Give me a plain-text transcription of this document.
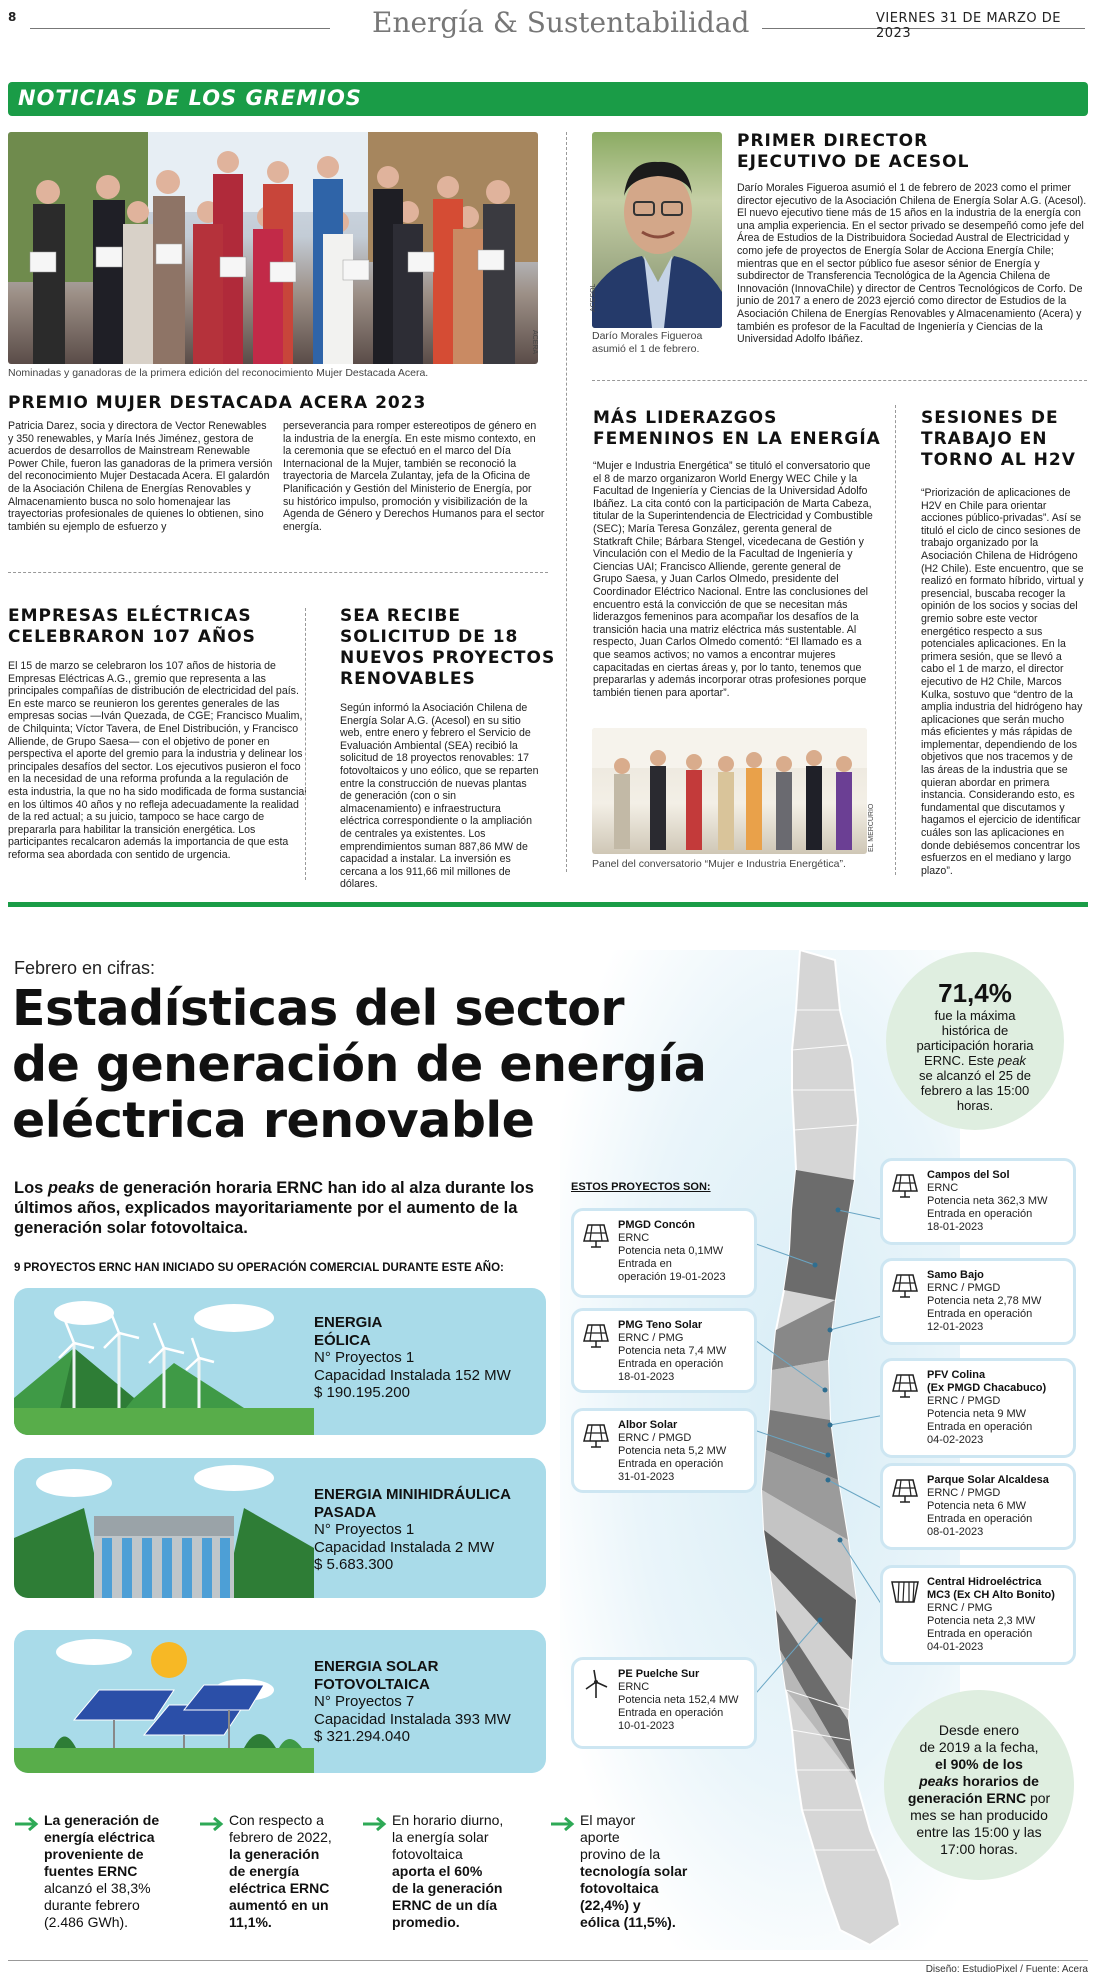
8	Energía & Sustentabilidad	VIERNES 31 DE MARZO DE 2023
NOTICIAS DE LOS GREMIOS
ACERA
Nominadas y ganadoras de la primera edición del reconocimiento Mujer Destacada Acera.
PREMIO MUJER DESTACADA ACERA 2023
Patricia Darez, socia y directora de Vector Renewables y 350 renewables, y María Inés Jiménez, gestora de acuerdos de desarrollos de Mainstream Renewable Power Chile, fueron las ganadoras de la primera versión del reconocimiento Mujer Destacada Acera. El galardón de la Asociación Chilena de Energías Renovables y Almacenamiento busca no solo homenajear las trayectorias profesionales de quienes lo obtienen, sino también su ejemplo de esfuerzo y
perseverancia para romper estereotipos de género en la industria de la energía. En este mismo contexto, en la ceremonia que se efectuó en el marco del Día Internacional de la Mujer, también se reconoció la trayectoria de Marcela Zulantay, jefa de la Oficina de Planificación y Gestión del Ministerio de Energía, por su histórico impulso, promoción y visibilización de la Agenda de Género y Derechos Humanos para el sector energía.
ACESOL
Darío Morales Figueroa asumió el 1 de febrero.
PRIMER DIRECTOR
EJECUTIVO DE ACESOL
Darío Morales Figueroa asumió el 1 de febrero de 2023 como el primer director ejecutivo de la Asociación Chilena de Energía Solar A.G. (Acesol). El nuevo ejecutivo tiene más de 15 años en la industria de la energía con una amplia experiencia. En el sector privado se desempeñó como jefe del Área de Estudios de la Distribuidora Sociedad Austral de Electricidad y como jefe de proyectos de Energía Solar de Acciona Energía Chile; mientras que en el sector público fue asesor sénior de Energía y subdirector de Transferencia Tecnológica de la Agencia Chilena de Innovación (InnovaChile) y director de Centros Tecnológicos de Corfo. De junio de 2017 a enero de 2023 ejerció como director de Estudios de la Asociación Chilena de Energías Renovables y Almacenamiento (Acera) y también es profesor de la Facultad de Ingeniería y Ciencias de la Universidad Adolfo Ibáñez.
MÁS LIDERAZGOS
FEMENINOS EN LA ENERGÍA
“Mujer e Industria Energética” se tituló el conversatorio que el 8 de marzo organizaron World Energy WEC Chile y la Facultad de Ingeniería y Ciencias de la Universidad Adolfo Ibáñez. La cita contó con la participación de Marta Cabeza, titular de la Superintendencia de Electricidad y Combustible (SEC); María Teresa González, gerenta general de Statkraft Chile; Bárbara Stengel, vicedecana de Gestión y Vinculación con el Medio de la Facultad de Ingeniería y Ciencias UAI; Francisco Alliende, gerente general de Grupo Saesa, y Juan Carlos Olmedo, presidente del Coordinador Eléctrico Nacional. Entre las conclusiones del encuentro está la convicción de que se necesitan más liderazgos femeninos para acompañar los desafíos de la transición hacia una matriz eléctrica más sustentable. Al respecto, Juan Carlos Olmedo comentó: “El llamado es a que seamos activos; no vamos a encontrar mujeres capacitadas en ciertas áreas y, por lo tanto, tenemos que prepararlas y además incorporar otras profesiones porque también tienen para aportar”.
EL MERCURIO
Panel del conversatorio “Mujer e Industria Energética”.
SESIONES DE
TRABAJO EN
TORNO AL H2V
“Priorización de aplicaciones de H2V en Chile para orientar acciones público-privadas”. Así se tituló el ciclo de cinco sesiones de trabajo organizado por la Asociación Chilena de Hidrógeno (H2 Chile). Este encuentro, que se realizó en formato híbrido, virtual y presencial, buscaba recoger la opinión de los socios y socias del gremio sobre este vector energético respecto a sus potenciales aplicaciones. En la primera sesión, que se llevó a cabo el 1 de marzo, el director ejecutivo de H2 Chile, Marcos Kulka, sostuvo que “dentro de la amplia industria del hidrógeno hay aplicaciones que serán mucho más eficientes y más rápidas de implementar, dependiendo de los objetivos que nos tracemos y de las áreas de la industria que se quieran abordar en primera instancia. Considerando esto, es fundamental que discutamos y hagamos el ejercicio de identificar cuáles son las aplicaciones en donde debiésemos concentrar los esfuerzos en el mediano y largo plazo”.
EMPRESAS ELÉCTRICAS
CELEBRARON 107 AÑOS
El 15 de marzo se celebraron los 107 años de historia de Empresas Eléctricas A.G., gremio que representa a las principales compañías de distribución de electricidad del país. En este marco se reunieron los gerentes generales de las empresas socias —Iván Quezada, de CGE; Francisco Mualim, de Chilquinta; Víctor Tavera, de Enel Distribución, y Francisco Alliende, de Grupo Saesa— con el objetivo de poner en perspectiva el aporte del gremio para la industria y delinear los principales desafíos del sector. Los ejecutivos pusieron el foco en la necesidad de una reforma profunda a la regulación de esta industria, la que no ha sido modificada de forma sustancial en los últimos 40 años y no refleja adecuadamente la realidad de la red actual; a su juicio, tampoco se hace cargo de prepararla para habilitar la transición energética. Los participantes recalcaron además la importancia de que esta reforma sea abordada con sentido de urgencia.
SEA RECIBE
SOLICITUD DE 18
NUEVOS PROYECTOS
RENOVABLES
Según informó la Asociación Chilena de Energía Solar A.G. (Acesol) en su sitio web, entre enero y febrero el Servicio de Evaluación Ambiental (SEA) recibió la solicitud de 18 proyectos renovables: 17 fotovoltaicos y uno eólico, que se reparten entre la construcción de nuevas plantas de generación (con o sin almacenamiento) e infraestructura eléctrica correspondiente o la ampliación de centrales ya existentes. Los emprendimientos suman 887,86 MW de capacidad a instalar. La inversión es cercana a los 911,66 mil millones de dólares.
Febrero en cifras:
Estadísticas del sector
de generación de energía
eléctrica renovable
Los peaks de generación horaria ERNC han ido al alza durante los últimos años, explicados mayoritariamente por el aumento de la generación solar fotovoltaica.
9 PROYECTOS ERNC HAN INICIADO SU OPERACIÓN COMERCIAL DURANTE ESTE AÑO:
ESTOS PROYECTOS SON:
ENERGIA
EÓLICA
N° Proyectos 1
Capacidad Instalada 152 MW
$ 190.195.200
ENERGIA MINIHIDRÁULICA
PASADA
N° Proyectos 1
Capacidad Instalada 2 MW
$ 5.683.300
ENERGIA SOLAR
FOTOVOLTAICA
N° Proyectos 7
Capacidad Instalada 393 MW
$ 321.294.040
PMGD Concón
ERNC
Potencia neta 0,1MW
Entrada en
operación 19-01-2023
PMG Teno Solar
ERNC / PMG
Potencia neta 7,4 MW
Entrada en operación
18-01-2023
Albor Solar
ERNC / PMGD
Potencia neta 5,2 MW
Entrada en operación
31-01-2023
PE Puelche Sur
ERNC
Potencia neta 152,4 MW
Entrada en operación
10-01-2023
Campos del Sol
ERNC
Potencia neta 362,3 MW
Entrada en operación
18-01-2023
Samo Bajo
ERNC / PMGD
Potencia neta 2,78 MW
Entrada en operación
12-01-2023
PFV Colina
(Ex PMGD Chacabuco)
ERNC / PMGD
Potencia neta 9 MW
Entrada en operación
04-02-2023
Parque Solar Alcaldesa
ERNC / PMGD
Potencia neta 6 MW
Entrada en operación
08-01-2023
Central Hidroeléctrica
MC3 (Ex CH Alto Bonito)
ERNC / PMG
Potencia neta 2,3 MW
Entrada en operación
04-01-2023
71,4%
fue la máxima
histórica de
participación horaria
ERNC. Este peak
se alcanzó el 25 de
febrero a las 15:00
horas.
Desde enero
de 2019 a la fecha,
el 90% de los
peaks horarios de
generación ERNC por
mes se han producido
entre las 15:00 y las
17:00 horas.
La generación de
energía eléctrica
proveniente de
fuentes ERNC
alcanzó el 38,3%
durante febrero
(2.486 GWh).
Con respecto a
febrero de 2022,
la generación
de energía
eléctrica ERNC
aumentó en un
11,1%.
En horario diurno,
la energía solar
fotovoltaica
aporta el 60%
de la generación
ERNC de un día
promedio.
El mayor
aporte
provino de la
tecnología solar
fotovoltaica
(22,4%) y
eólica (11,5%).
Diseño: EstudioPixel / Fuente: Acera
